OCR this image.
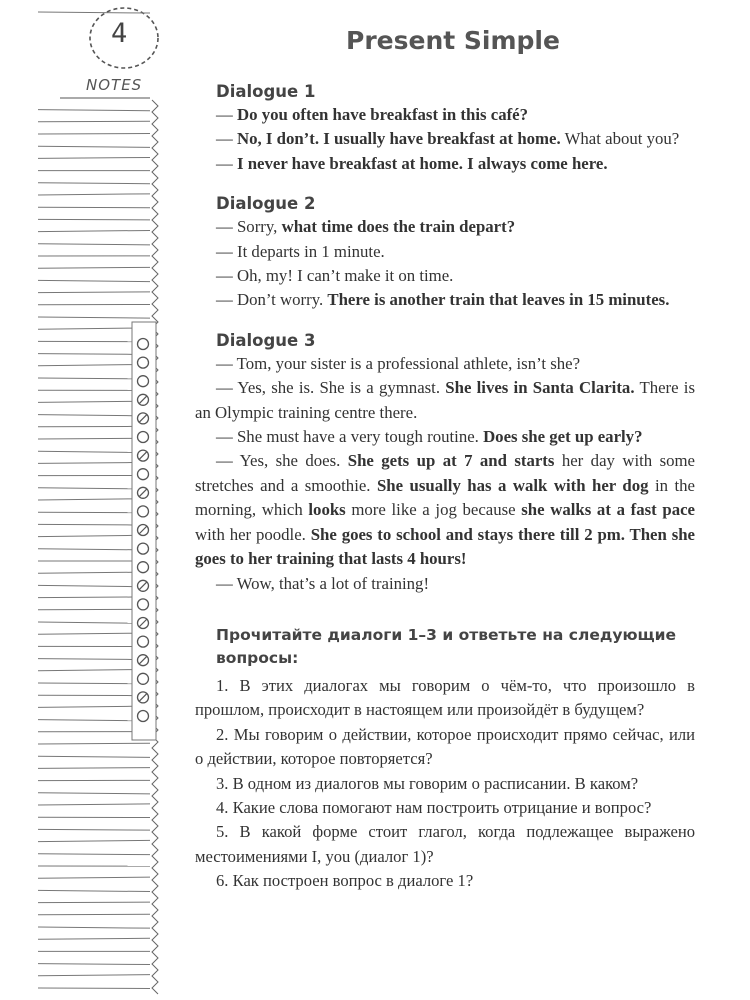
4
NOTES
Present Simple
Dialogue 1
— Do you often have breakfast in this café?
— No, I don’t. I usually have breakfast at home. What about you?
— I never have breakfast at home. I always come here.
Dialogue 2
— Sorry, what time does the train depart?
— It departs in 1 minute.
— Oh, my! I can’t make it on time.
— Don’t worry. There is another train that leaves in 15 minutes.
Dialogue 3
— Tom, your sister is a professional athlete, isn’t she?
— Yes, she is. She is a gymnast. She lives in Santa Clarita. There is an Olympic training centre there.
— She must have a very tough routine. Does she get up early?
— Yes, she does. She gets up at 7 and starts her day with some stretches and a smoothie. She usually has a walk with her dog in the morning, which looks more like a jog because she walks at a fast pace with her poodle. She goes to school and stays there till 2 pm. Then she goes to her training that lasts 4 hours!
— Wow, that’s a lot of training!
Прочитайте диалоги 1–3 и ответьте на следующие вопросы:
1. В этих диалогах мы говорим о чём-то, что произошло в прошлом, происходит в настоящем или произойдёт в будущем?
2. Мы говорим о действии, которое происходит прямо сейчас, или о действии, которое повторяется?
3. В одном из диалогов мы говорим о расписании. В каком?
4. Какие слова помогают нам построить отрицание и вопрос?
5. В какой форме стоит глагол, когда подлежащее выражено местоимениями I, you (диалог 1)?
6. Как построен вопрос в диалоге 1?
